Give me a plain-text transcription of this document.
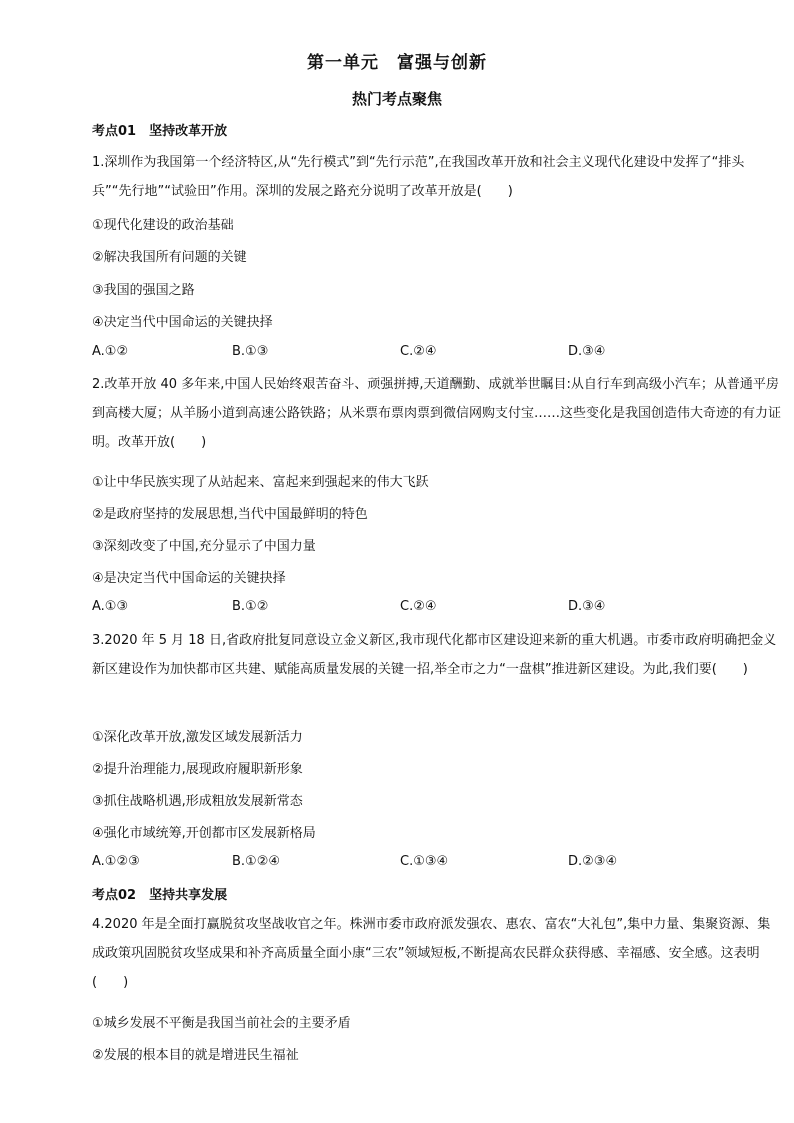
第一单元　富强与创新
热门考点聚焦
考点01　坚持改革开放
1.深圳作为我国第一个经济特区,从“先行模式”到“先行示范”,在我国改革开放和社会主义现代化建设中发挥了“排头兵”“先行地”“试验田”作用。深圳的发展之路充分说明了改革开放是(　　)
①现代化建设的政治基础
②解决我国所有问题的关键
③我国的强国之路
④决定当代中国命运的关键抉择
A.①②	B.①③	C.②④	D.③④
2.改革开放 40 多年来,中国人民始终艰苦奋斗、顽强拼搏,天道酬勤、成就举世瞩目:从自行车到高级小汽车；从普通平房到高楼大厦；从羊肠小道到高速公路铁路；从米票布票肉票到微信网购支付宝……这些变化是我国创造伟大奇迹的有力证明。改革开放(　　)
①让中华民族实现了从站起来、富起来到强起来的伟大飞跃
②是政府坚持的发展思想,当代中国最鲜明的特色
③深刻改变了中国,充分显示了中国力量
④是决定当代中国命运的关键抉择
A.①③	B.①②	C.②④	D.③④
3.2020 年 5 月 18 日,省政府批复同意设立金义新区,我市现代化都市区建设迎来新的重大机遇。市委市政府明确把金义新区建设作为加快都市区共建、赋能高质量发展的关键一招,举全市之力“一盘棋”推进新区建设。为此,我们要(　　)
①深化改革开放,激发区域发展新活力
②提升治理能力,展现政府履职新形象
③抓住战略机遇,形成粗放发展新常态
④强化市域统筹,开创都市区发展新格局
A.①②③	B.①②④	C.①③④	D.②③④
考点02　坚持共享发展
4.2020 年是全面打赢脱贫攻坚战收官之年。株洲市委市政府派发强农、惠农、富农“大礼包”,集中力量、集聚资源、集成政策巩固脱贫攻坚成果和补齐高质量全面小康“三农”领域短板,不断提高农民群众获得感、幸福感、安全感。这表明(　　)
①城乡发展不平衡是我国当前社会的主要矛盾
②发展的根本目的就是增进民生福祉
